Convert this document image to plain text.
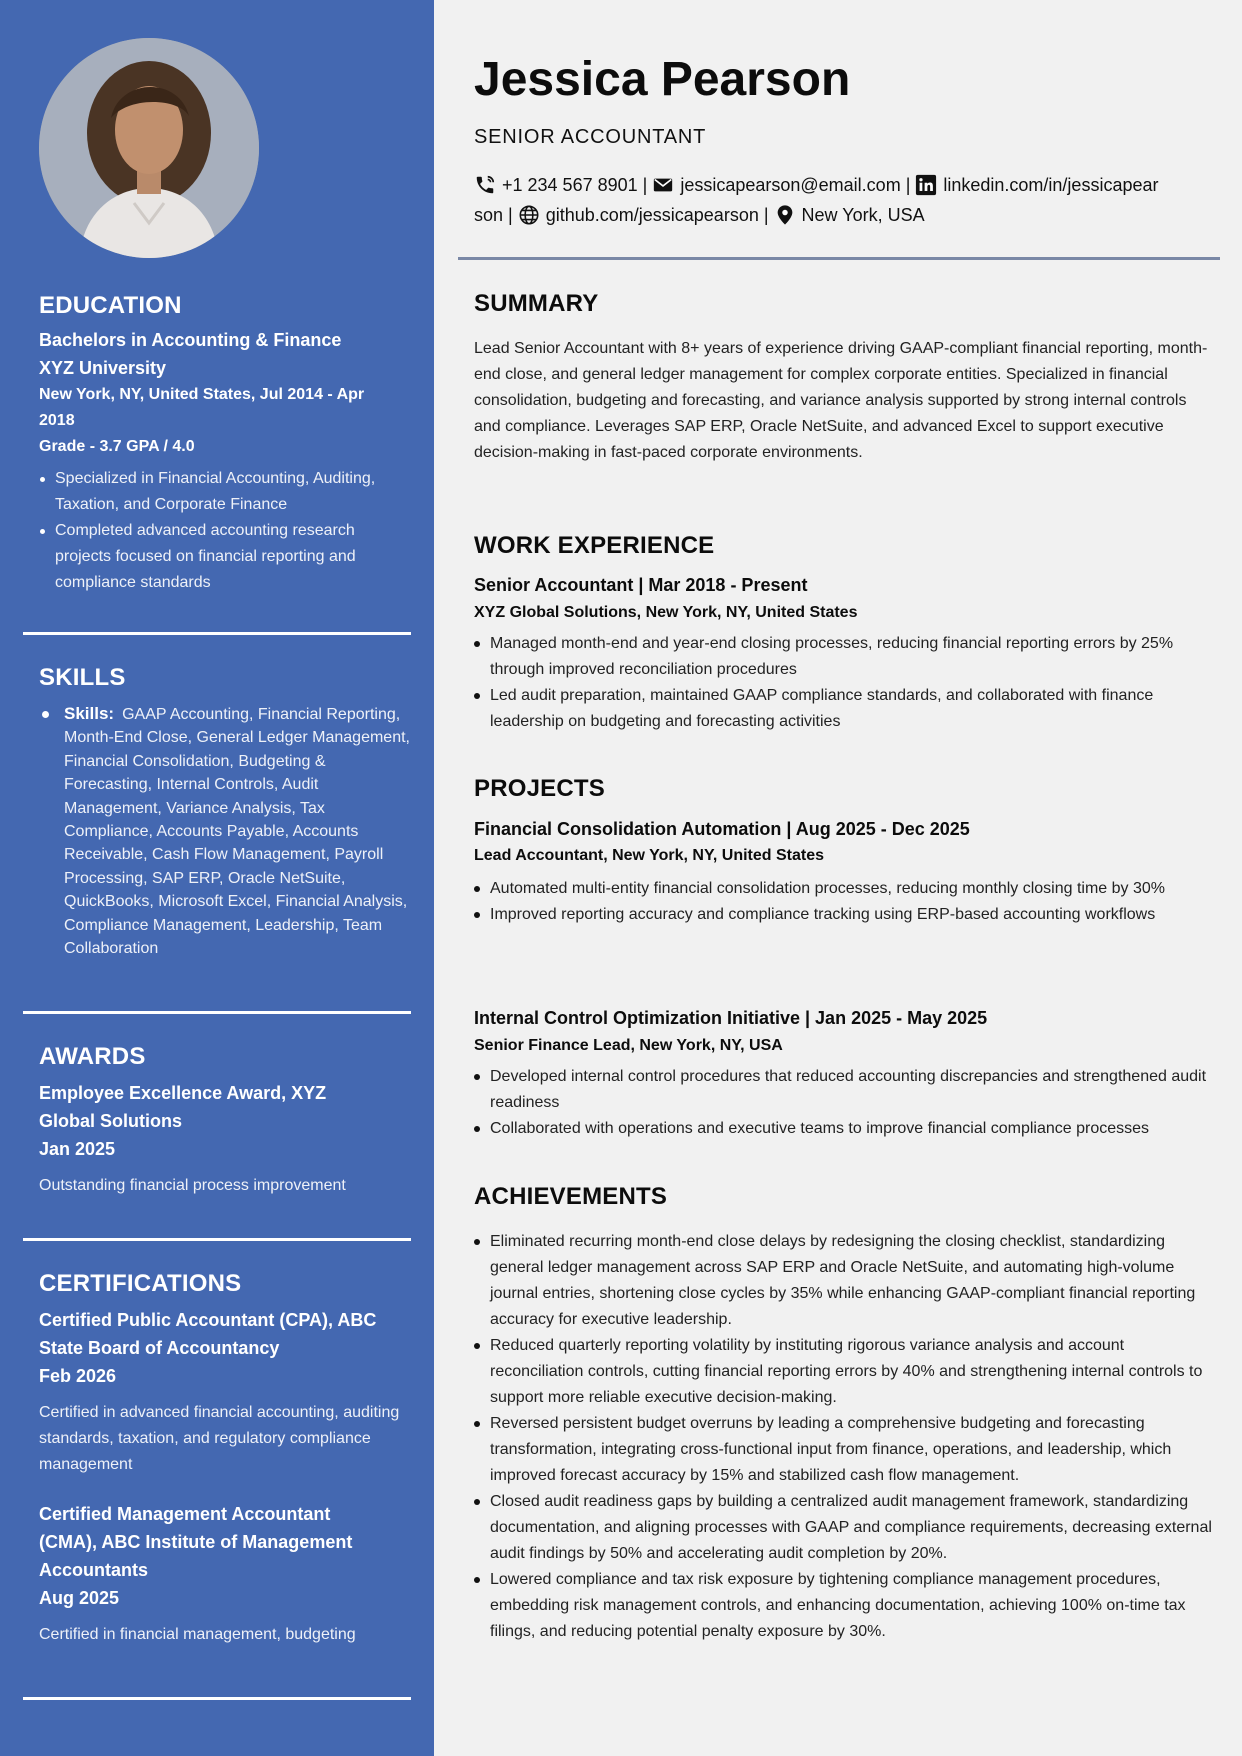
EDUCATION
Bachelors in Accounting & Finance
XYZ University
New York, NY, United States, Jul 2014 - Apr
2018
Grade - 3.7 GPA / 4.0
Specialized in Financial Accounting, Auditing, Taxation, and Corporate Finance
Completed advanced accounting research projects focused on financial reporting and compliance standards
SKILLS
Skills: GAAP Accounting, Financial Reporting, Month-End Close, General Ledger Management, Financial Consolidation, Budgeting & Forecasting, Internal Controls, Audit Management, Variance Analysis, Tax Compliance, Accounts Payable, Accounts Receivable, Cash Flow Management, Payroll Processing, SAP ERP, Oracle NetSuite, QuickBooks, Microsoft Excel, Financial Analysis, Compliance Management, Leadership, Team Collaboration
AWARDS
Employee Excellence Award, XYZ
Global Solutions
Jan 2025
Outstanding financial process improvement
CERTIFICATIONS
Certified Public Accountant (CPA), ABC
State Board of Accountancy
Feb 2026
Certified in advanced financial accounting, auditing standards, taxation, and regulatory compliance management
Certified Management Accountant
(CMA), ABC Institute of Management
Accountants
Aug 2025
Certified in financial management, budgeting
Jessica Pearson
SENIOR ACCOUNTANT
+1 234 567 8901 | jessicapearson@email.com | linkedin.com/in/jessicapear
son | github.com/jessicapearson | New York, USA
SUMMARY
Lead Senior Accountant with 8+ years of experience driving GAAP-compliant financial reporting, month-end close, and general ledger management for complex corporate entities. Specialized in financial consolidation, budgeting and forecasting, and variance analysis supported by strong internal controls and compliance. Leverages SAP ERP, Oracle NetSuite, and advanced Excel to support executive decision-making in fast-paced corporate environments.
WORK EXPERIENCE
Senior Accountant | Mar 2018 - Present
XYZ Global Solutions, New York, NY, United States
Managed month-end and year-end closing processes, reducing financial reporting errors by 25% through improved reconciliation procedures
Led audit preparation, maintained GAAP compliance standards, and collaborated with finance leadership on budgeting and forecasting activities
PROJECTS
Financial Consolidation Automation | Aug 2025 - Dec 2025
Lead Accountant, New York, NY, United States
Automated multi-entity financial consolidation processes, reducing monthly closing time by 30%
Improved reporting accuracy and compliance tracking using ERP-based accounting workflows
Internal Control Optimization Initiative | Jan 2025 - May 2025
Senior Finance Lead, New York, NY, USA
Developed internal control procedures that reduced accounting discrepancies and strengthened audit readiness
Collaborated with operations and executive teams to improve financial compliance processes
ACHIEVEMENTS
Eliminated recurring month-end close delays by redesigning the closing checklist, standardizing general ledger management across SAP ERP and Oracle NetSuite, and automating high-volume journal entries, shortening close cycles by 35% while enhancing GAAP-compliant financial reporting accuracy for executive leadership.
Reduced quarterly reporting volatility by instituting rigorous variance analysis and account reconciliation controls, cutting financial reporting errors by 40% and strengthening internal controls to support more reliable executive decision-making.
Reversed persistent budget overruns by leading a comprehensive budgeting and forecasting transformation, integrating cross-functional input from finance, operations, and leadership, which improved forecast accuracy by 15% and stabilized cash flow management.
Closed audit readiness gaps by building a centralized audit management framework, standardizing documentation, and aligning processes with GAAP and compliance requirements, decreasing external audit findings by 50% and accelerating audit completion by 20%.
Lowered compliance and tax risk exposure by tightening compliance management procedures, embedding risk management controls, and enhancing documentation, achieving 100% on-time tax filings, and reducing potential penalty exposure by 30%.
